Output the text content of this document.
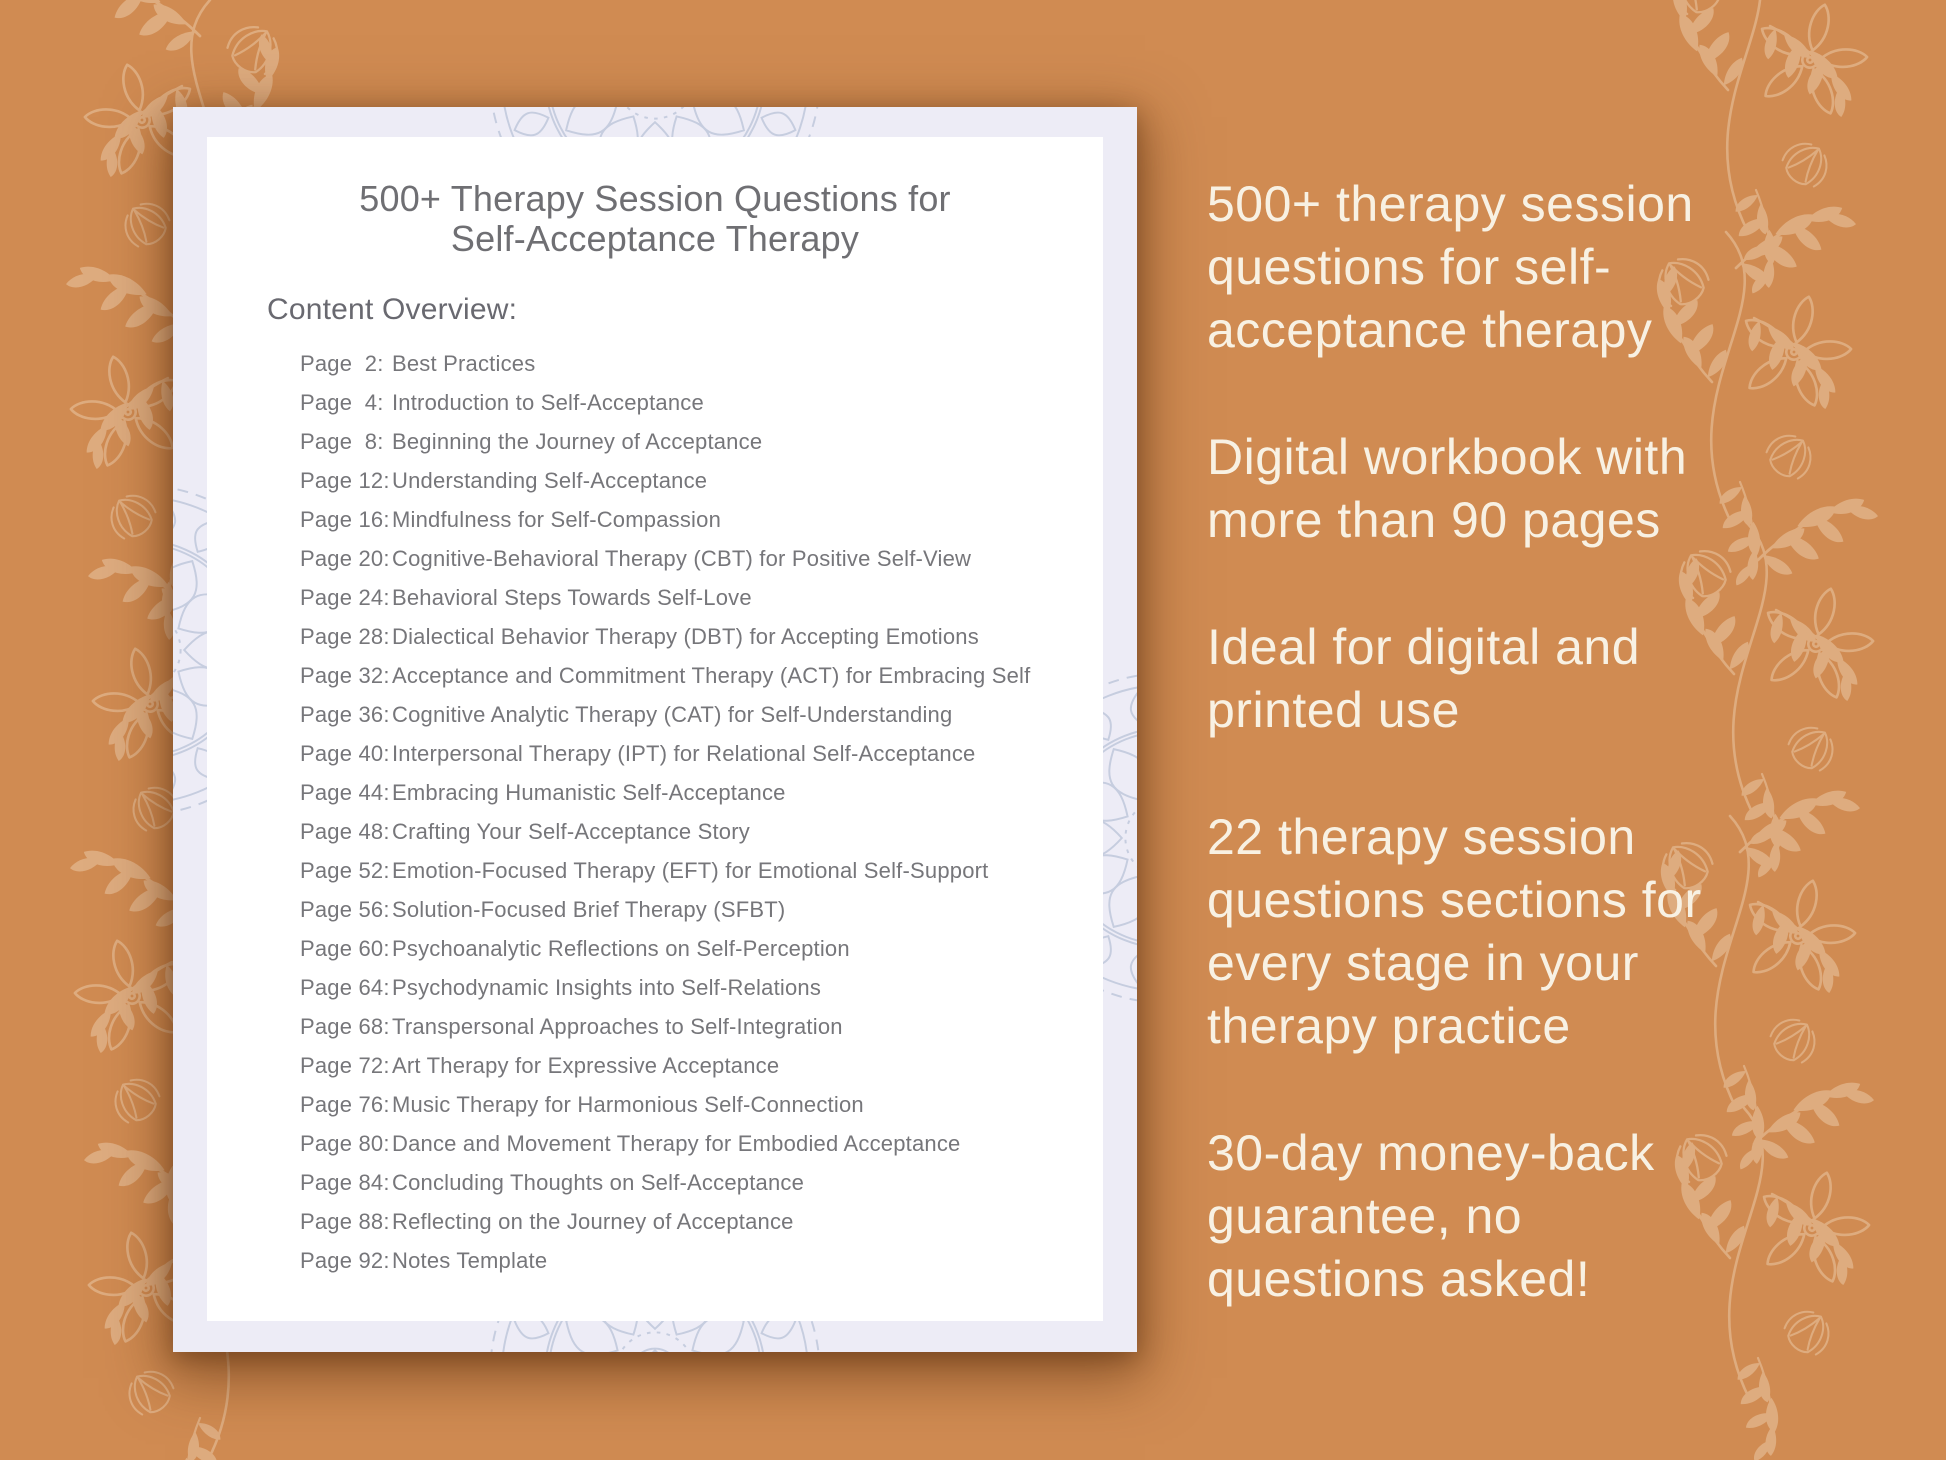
500+ Therapy Session Questions for
Self-Acceptance Therapy
Content Overview:
Page  2: Best Practices
Page  4: Introduction to Self-Acceptance
Page  8: Beginning the Journey of Acceptance
Page 12: Understanding Self-Acceptance
Page 16: Mindfulness for Self-Compassion
Page 20: Cognitive-Behavioral Therapy (CBT) for Positive Self-View
Page 24: Behavioral Steps Towards Self-Love
Page 28: Dialectical Behavior Therapy (DBT) for Accepting Emotions
Page 32: Acceptance and Commitment Therapy (ACT) for Embracing Self
Page 36: Cognitive Analytic Therapy (CAT) for Self-Understanding
Page 40: Interpersonal Therapy (IPT) for Relational Self-Acceptance
Page 44: Embracing Humanistic Self-Acceptance
Page 48: Crafting Your Self-Acceptance Story
Page 52: Emotion-Focused Therapy (EFT) for Emotional Self-Support
Page 56: Solution-Focused Brief Therapy (SFBT)
Page 60: Psychoanalytic Reflections on Self-Perception
Page 64: Psychodynamic Insights into Self-Relations
Page 68: Transpersonal Approaches to Self-Integration
Page 72: Art Therapy for Expressive Acceptance
Page 76: Music Therapy for Harmonious Self-Connection
Page 80: Dance and Movement Therapy for Embodied Acceptance
Page 84: Concluding Thoughts on Self-Acceptance
Page 88: Reflecting on the Journey of Acceptance
Page 92: Notes Template
500+ therapy session
questions for self-
acceptance therapy
Digital workbook with
more than 90 pages
Ideal for digital and
printed use
22 therapy session
questions sections for
every stage in your
therapy practice
30-day money-back
guarantee, no
questions asked!
